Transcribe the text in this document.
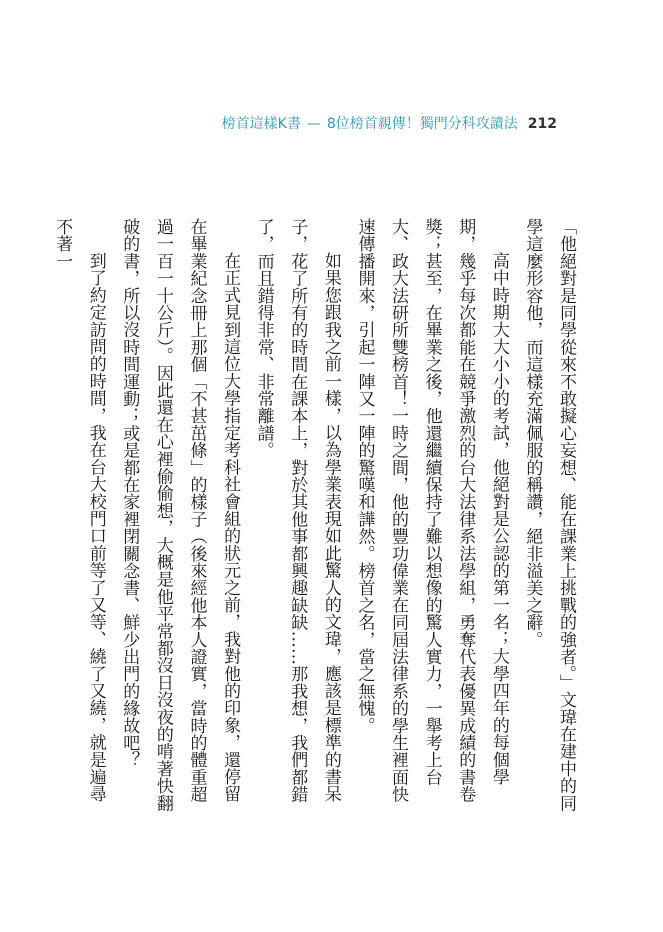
榜首這樣K書 — 8位榜首親傳！獨門分科攻讀法 212

「他絕對是同學從來不敢擬心妄想、能在課業上挑戰的強者。」文瑋在建中的同學這麼形容他，而這樣充滿佩服的稱讚，絕非溢美之辭。

高中時期大大小小的考試，他絕對是公認的第一名；大學四年的每個學期，幾乎每次都能在競爭激烈的台大法律系法學組，勇奪代表優異成績的書卷獎；甚至，在畢業之後，他還繼續保持了難以想像的驚人實力，一舉考上台大、政大法研所雙榜首！一時之間，他的豐功偉業在同屆法律系的學生裡面快速傳播開來，引起一陣又一陣的驚嘆和譁然。榜首之名，當之無愧。

如果您跟我之前一樣，以為學業表現如此驚人的文瑋，應該是標準的書呆子，花了所有的時間在課本上，對於其他事都興趣缺缺……那我想，我們都錯了，而且錯得非常、非常離譜。

在正式見到這位大學指定考科社會組的狀元之前，我對他的印象，還停留在畢業紀念冊上那個「不甚茁條」的樣子（後來經他本人證實，當時的體重超過一百一十公斤）。因此還在心裡偷偷想，大概是他平常都沒日沒夜的啃著快翻破的書，所以沒時間運動；或是都在家裡閉關念書、鮮少出門的緣故吧？

到了約定訪問的時間，我在台大校門口前等了又等、繞了又繞，就是遍尋不著一
